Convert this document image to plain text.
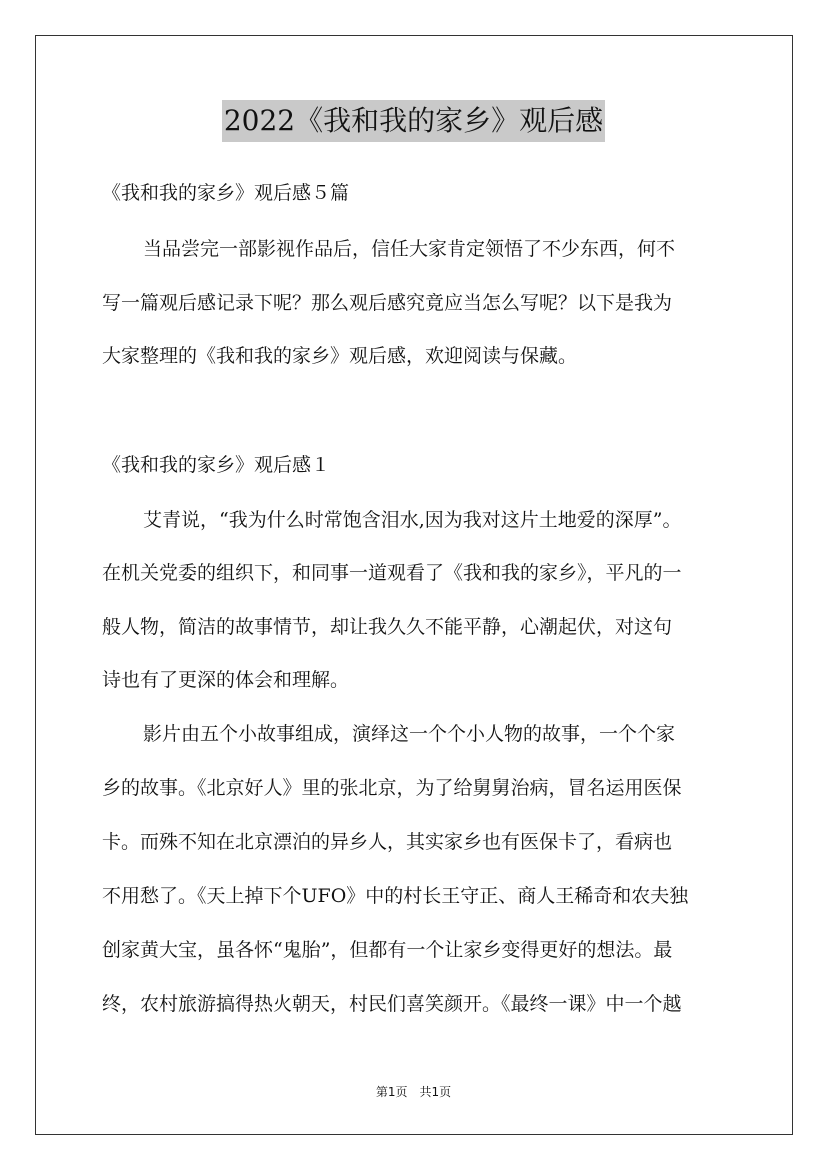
2022《我和我的家乡》观后感
《我和我的家乡》观后感５篇
当品尝完一部影视作品后，信任大家肯定领悟了不少东西，何不
写一篇观后感记录下呢？那么观后感究竟应当怎么写呢？以下是我为
大家整理的《我和我的家乡》观后感，欢迎阅读与保藏。
《我和我的家乡》观后感１
艾青说，“我为什么时常饱含泪水,因为我对这片土地爱的深厚”。
在机关党委的组织下，和同事一道观看了《我和我的家乡》，平凡的一
般人物，简洁的故事情节，却让我久久不能平静，心潮起伏，对这句
诗也有了更深的体会和理解。
影片由五个小故事组成，演绎这一个个小人物的故事，一个个家
乡的故事。《北京好人》里的张北京，为了给舅舅治病，冒名运用医保
卡。而殊不知在北京漂泊的异乡人，其实家乡也有医保卡了，看病也
不用愁了。《天上掉下个UFO》中的村长王守正、商人王稀奇和农夫独
创家黄大宝，虽各怀“鬼胎”，但都有一个让家乡变得更好的想法。最
终，农村旅游搞得热火朝天，村民们喜笑颜开。《最终一课》中一个越
第1页　共1页
